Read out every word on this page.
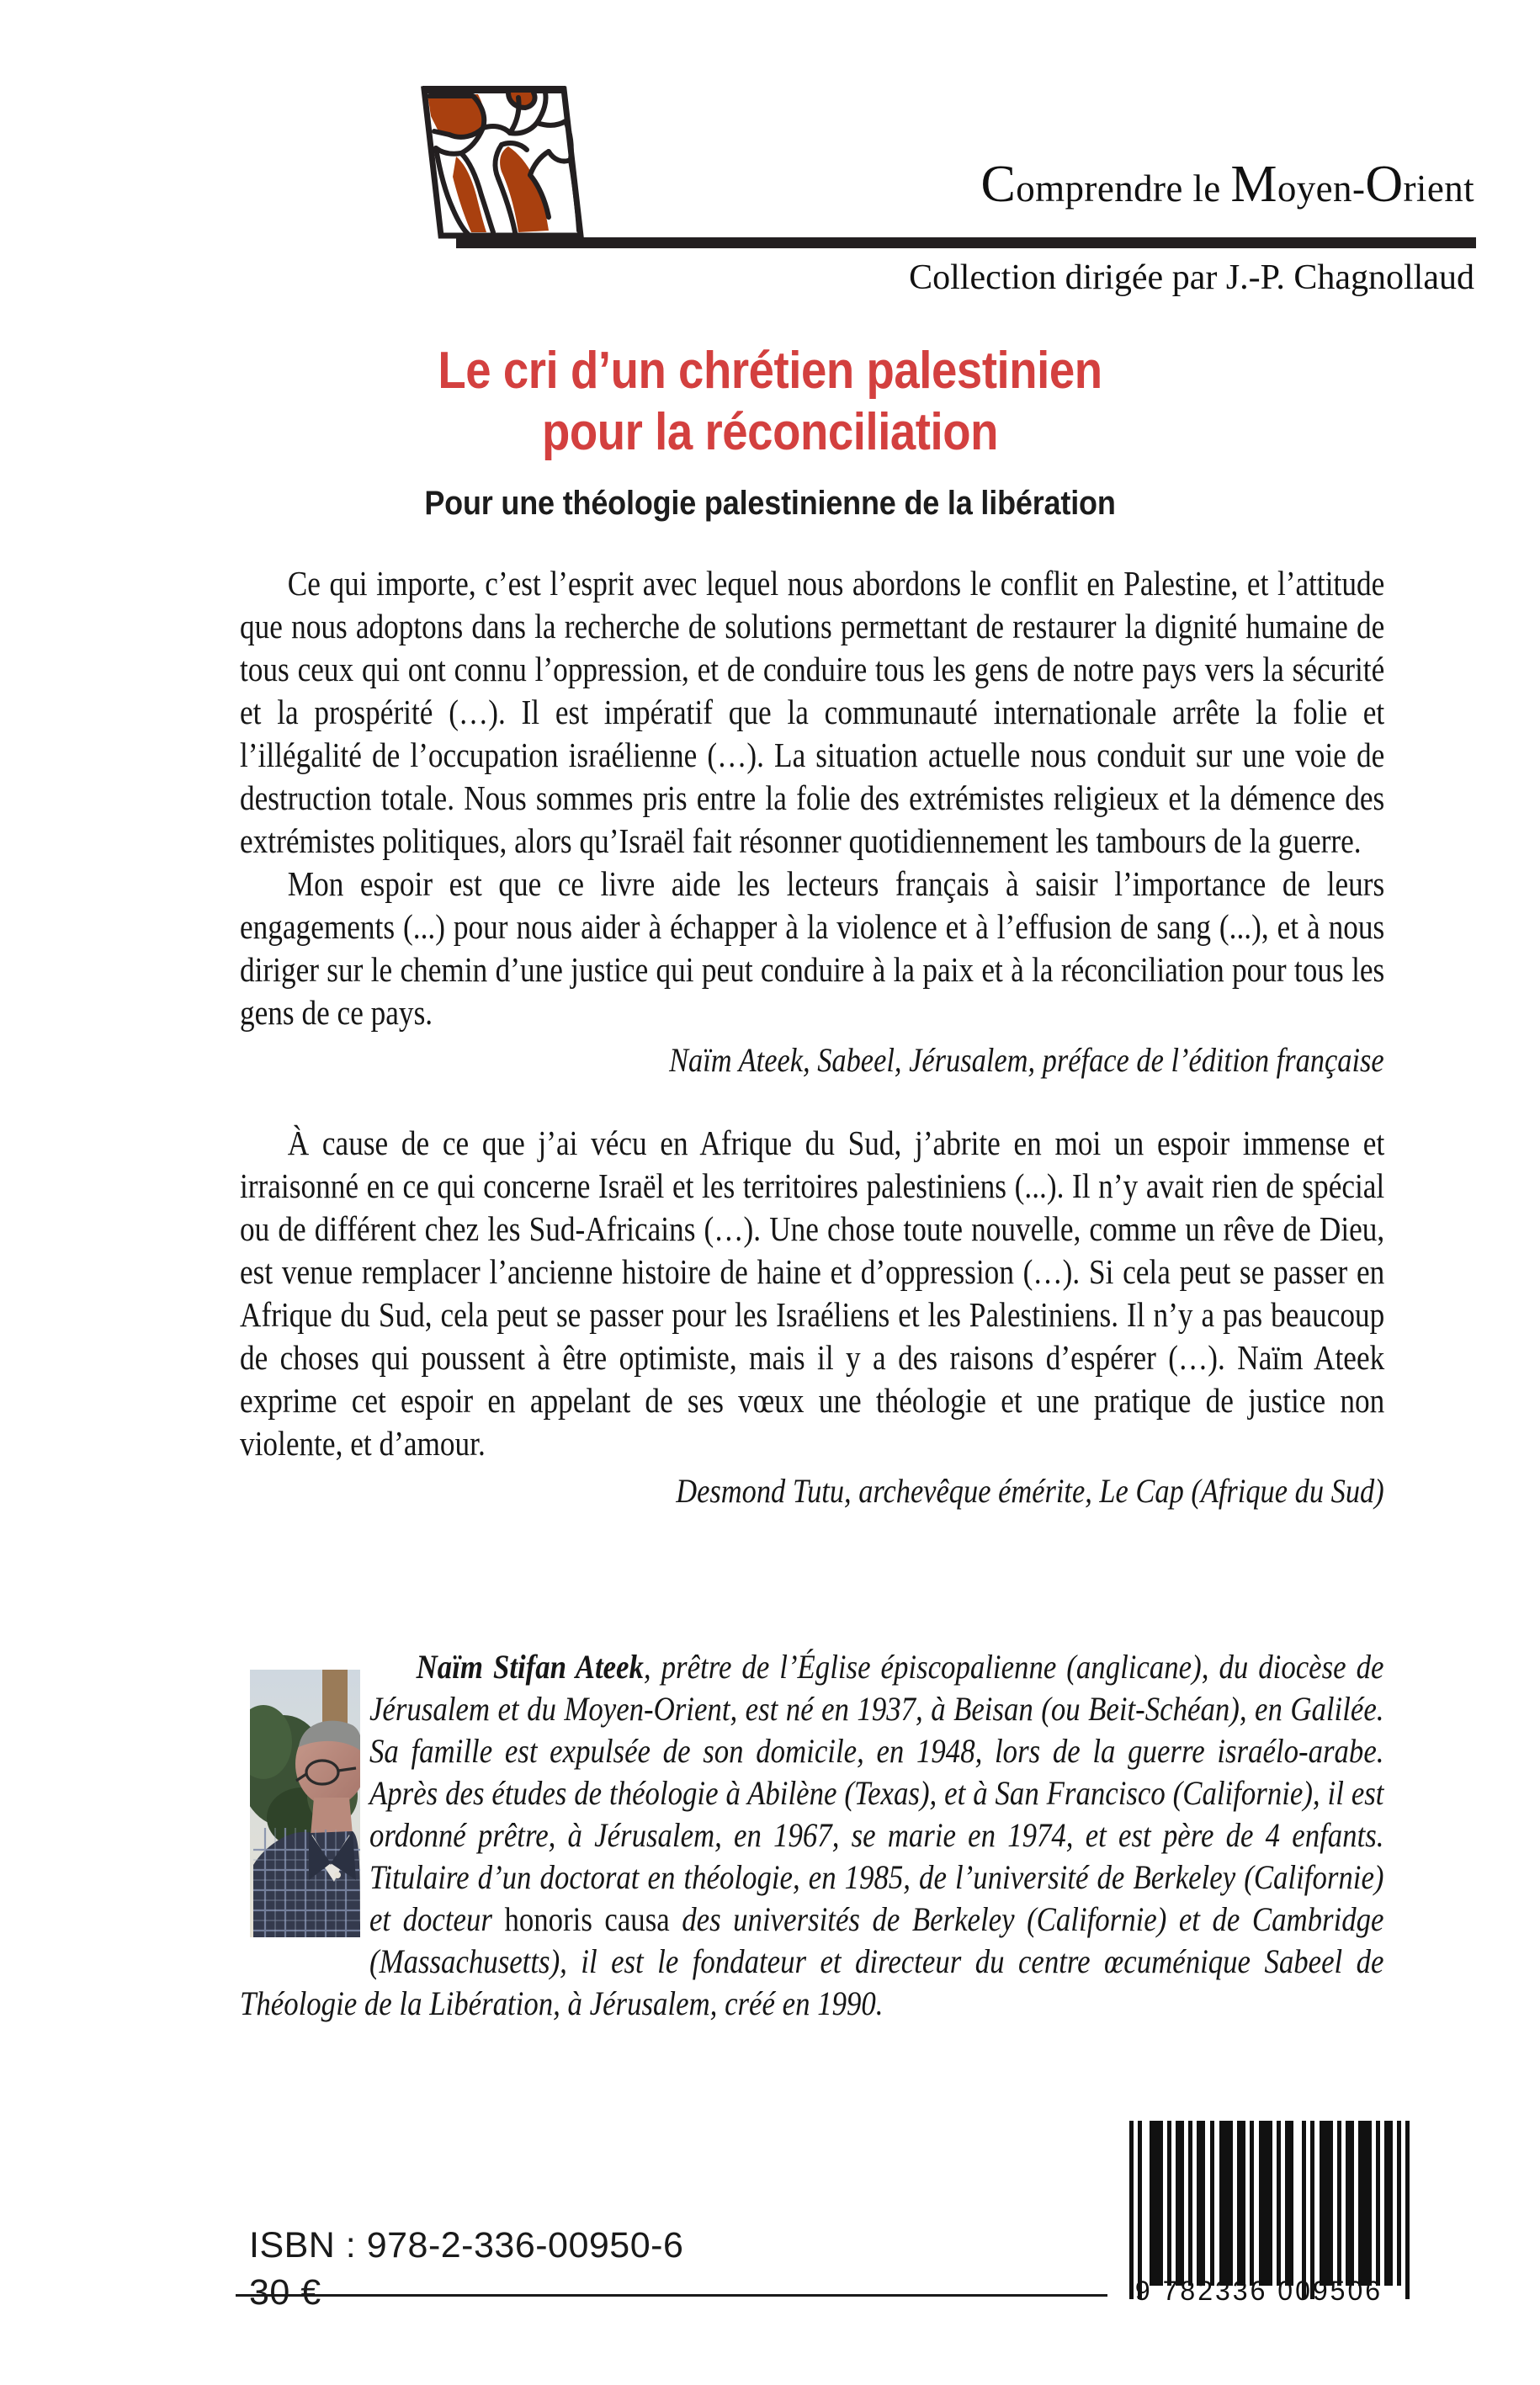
Comprendre le Moyen-Orient
Collection dirigée par J.-P. Chagnollaud
Le cri d’un chrétien palestinien
pour la réconciliation
Pour une théologie palestinienne de la libération

Ce qui importe, c’est l’esprit avec lequel nous abordons le conflit en Palestine, et l’attitude que nous adoptons dans la recherche de solutions permettant de restaurer la dignité humaine de tous ceux qui ont connu l’oppression, et de conduire tous les gens de notre pays vers la sécurité et la prospérité (…). Il est impératif que la communauté internationale arrête la folie et l’illégalité de l’occupation israélienne (…). La situation actuelle nous conduit sur une voie de destruction totale. Nous sommes pris entre la folie des extrémistes religieux et la démence des extrémistes politiques, alors qu’Israël fait résonner quotidiennement les tambours de la guerre.

Mon espoir est que ce livre aide les lecteurs français à saisir l’importance de leurs engagements (...) pour nous aider à échapper à la violence et à l’effusion de sang (...), et à nous diriger sur le chemin d’une justice qui peut conduire à la paix et à la réconciliation pour tous les gens de ce pays.

Naïm Ateek, Sabeel, Jérusalem, préface de l’édition française

À cause de ce que j’ai vécu en Afrique du Sud, j’abrite en moi un espoir immense et irraisonné en ce qui concerne Israël et les territoires palestiniens (...). Il n’y avait rien de spécial ou de différent chez les Sud-Africains (…). Une chose toute nouvelle, comme un rêve de Dieu, est venue remplacer l’ancienne histoire de haine et d’oppression (…). Si cela peut se passer en Afrique du Sud, cela peut se passer pour les Israéliens et les Palestiniens. Il n’y a pas beaucoup de choses qui poussent à être optimiste, mais il y a des raisons d’espérer (…). Naïm Ateek exprime cet espoir en appelant de ses vœux une théologie et une pratique de justice non violente, et d’amour.

Desmond Tutu, archevêque émérite, Le Cap (Afrique du Sud)
Naïm Stifan Ateek, prêtre de l’Église épiscopalienne (anglicane), du diocèse de Jérusalem et du Moyen-Orient, est né en 1937, à Beisan (ou Beit-Schéan), en Galilée. Sa famille est expulsée de son domicile, en 1948, lors de la guerre israélo-arabe. Après des études de théologie à Abilène (Texas), et à San Francisco (Californie), il est ordonné prêtre, à Jérusalem, en 1967, se marie en 1974, et est père de 4 enfants. Titulaire d’un doctorat en théologie, en 1985, de l’université de Berkeley (Californie) et docteur honoris causa des universités de Berkeley (Californie) et de Cambridge (Massachusetts), il est le fondateur et directeur du centre œcuménique Sabeel de Théologie de la Libération, à Jérusalem, créé en 1990.
ISBN : 978-2-336-00950-6
30 €	9 782336 009506
